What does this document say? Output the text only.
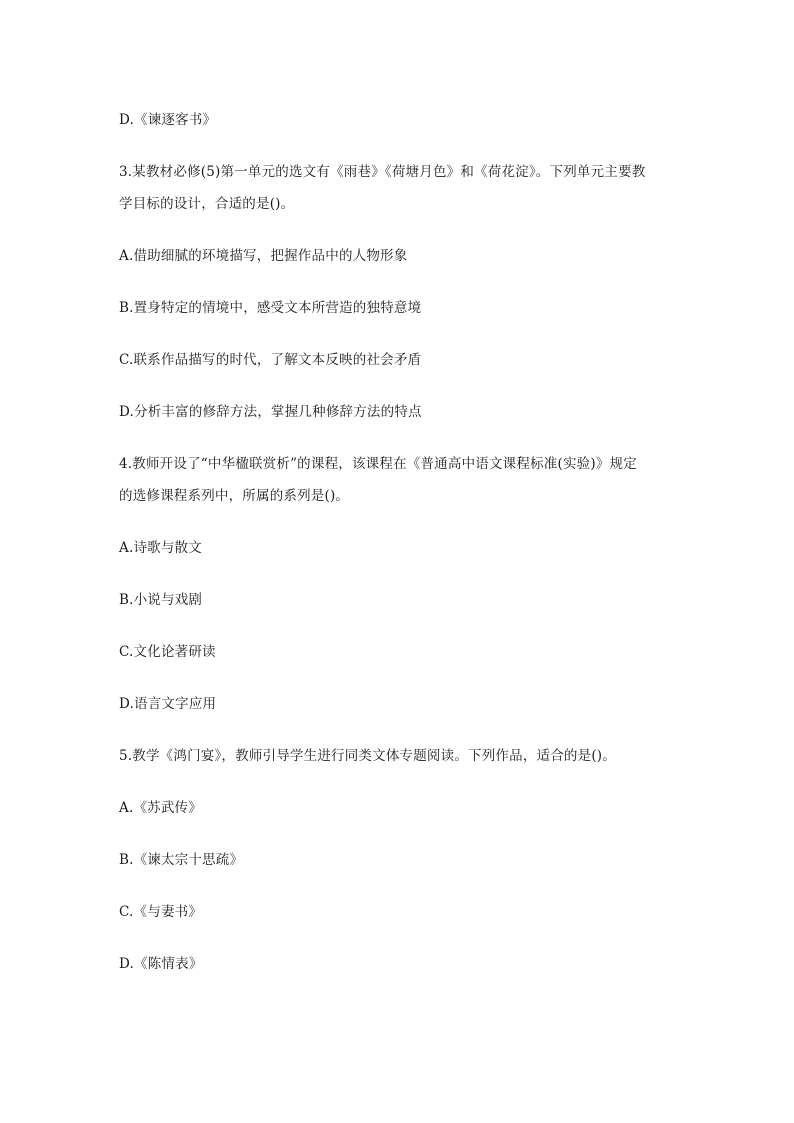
D.《谏逐客书》
3.某教材必修(5)第一单元的选文有《雨巷》《荷塘月色》和《荷花淀》。下列单元主要教
学目标的设计，合适的是()。
A.借助细腻的环境描写，把握作品中的人物形象
B.置身特定的情境中，感受文本所营造的独特意境
C.联系作品描写的时代，了解文本反映的社会矛盾
D.分析丰富的修辞方法，掌握几种修辞方法的特点
4.教师开设了“中华楹联赏析”的课程，该课程在《普通高中语文课程标准(实验)》规定
的选修课程系列中，所属的系列是()。
A.诗歌与散文
B.小说与戏剧
C.文化论著研读
D.语言文字应用
5.教学《鸿门宴》，教师引导学生进行同类文体专题阅读。下列作品，适合的是()。
A.《苏武传》
B.《谏太宗十思疏》
C.《与妻书》
D.《陈情表》
